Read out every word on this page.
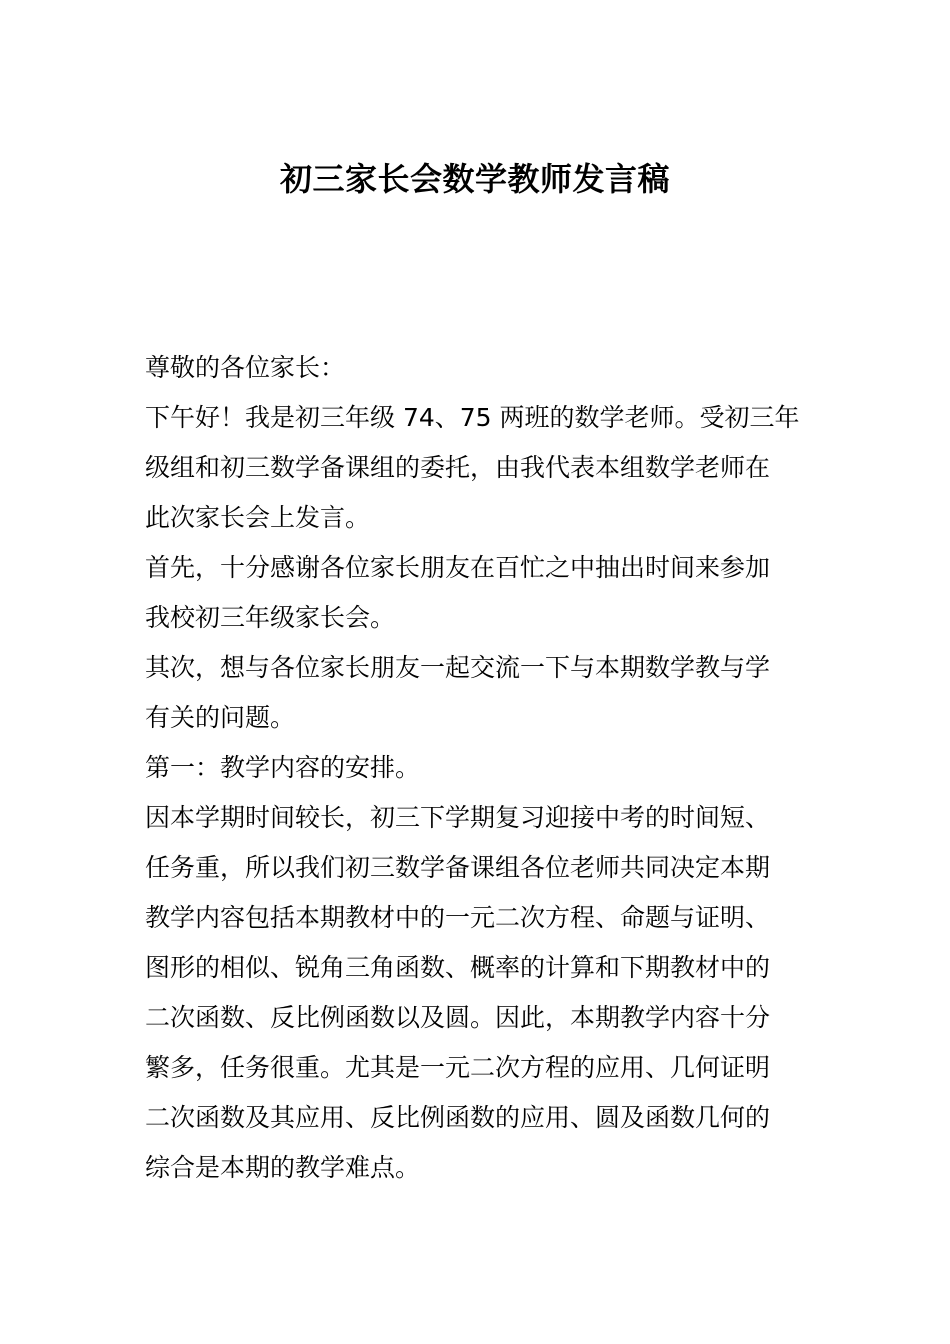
初三家长会数学教师发言稿

尊敬的各位家长：

下午好！我是初三年级 74、75 两班的数学老师。受初三年
级组和初三数学备课组的委托，由我代表本组数学老师在
此次家长会上发言。

首先，十分感谢各位家长朋友在百忙之中抽出时间来参加
我校初三年级家长会。

其次，想与各位家长朋友一起交流一下与本期数学教与学
有关的问题。

第一：教学内容的安排。

因本学期时间较长，初三下学期复习迎接中考的时间短、
任务重，所以我们初三数学备课组各位老师共同决定本期
教学内容包括本期教材中的一元二次方程、命题与证明、
图形的相似、锐角三角函数、概率的计算和下期教材中的
二次函数、反比例函数以及圆。因此，本期教学内容十分
繁多，任务很重。尤其是一元二次方程的应用、几何证明
二次函数及其应用、反比例函数的应用、圆及函数几何的
综合是本期的教学难点。
